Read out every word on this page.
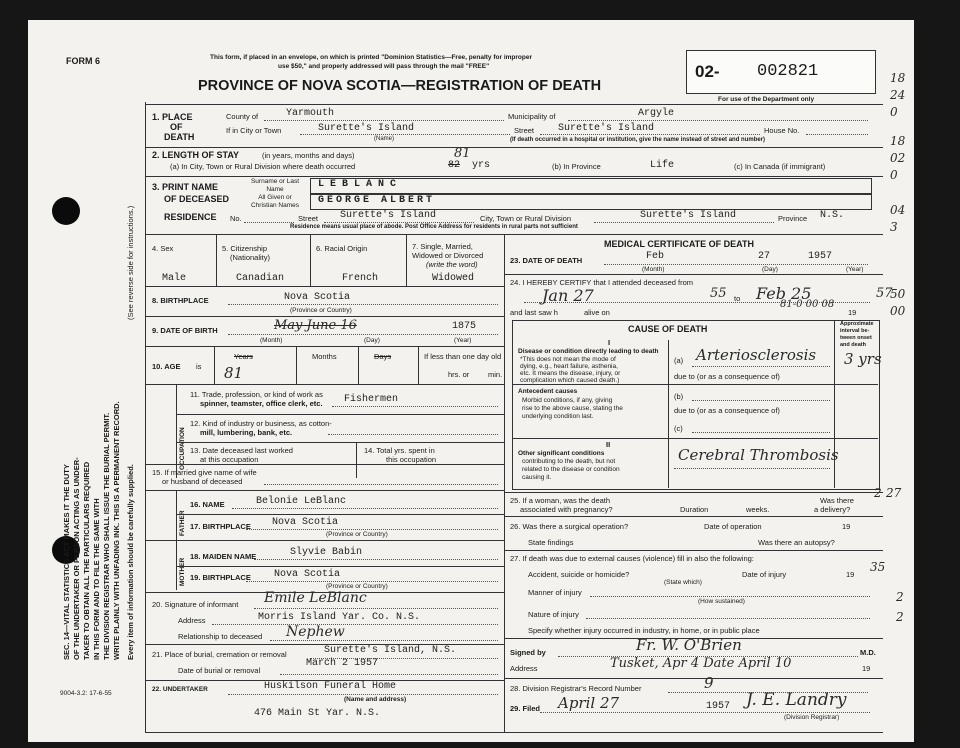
SEC. 14—VITAL STATISTICS ACT MAKES IT THE DUTY OF THE UNDERTAKER OR PERSON ACTING AS UNDER- TAKER TO OBTAIN ALL THE PARTICULARS REQUIRED IN THIS FORM AND TO FILE THE SAME WITH THE DIVISION REGISTRAR WHO SHALL ISSUE THE BURIAL PERMIT. WRITE PLAINLY WITH UNFADING INK. THIS IS A PERMANENT RECORD. Every item of information should be carefully supplied.
(See reverse side for instructions.)
9004-3.2: 17-6-55
FORM 6	This form, if placed in an envelope, on which is printed "Dominion Statistics—Free, penalty for improper
use $50," and properly addressed will pass through the mail "FREE"
PROVINCE OF NOVA SCOTIA—REGISTRATION OF DEATH
02- 002821
For use of the Department only
18
24
0
18
02
0
04
3
50
00
1. PLACE
OF
DEATH
County of	Yarmouth	Municipality of	Argyle
If in City or Town	Surette's Island
(Name)
Street Surette's Island	House No.
(If death occurred in a hospital or institution, give the name instead of street and number)
2. LENGTH OF STAY	(in years, months and days)
(a) In City, Town or Rural Division where death occurred
81
82 yrs	(b) In Province	Life	(c) In Canada (if immigrant)
3. PRINT NAME
OF DECEASED
Surname or Last Name
All Given or Christian Names
LEBLANC
GEORGE ALBERT
RESIDENCE No.	Street Surette's Island	City, Town or Rural Division	Surette's Island	Province N.S.
Residence means usual place of abode. Post Office Address for residents in rural parts not sufficient
4. Sex
Male
5. Citizenship
(Nationality)
Canadian
6. Racial Origin
French
7. Single, Married,
Widowed or Divorced
(write the word)
Widowed
8. BIRTHPLACE	Nova Scotia
(Province or Country)
9. DATE OF BIRTH	May June 16	1875
(Month)	(Day)	(Year)
10. AGE is
Years	Months	Days
81
If less than one day old
hrs. or min.
OCCUPATION
11. Trade, profession, or kind of work as
spinner, teamster, office clerk, etc. Fishermen
12. Kind of industry or business, as cotton-
mill, lumbering, bank, etc.
13. Date deceased last worked
at this occupation
14. Total yrs. spent in
this occupation
15. If married give name of wife
or husband of deceased
FATHER
MOTHER
16. NAME	Belonie LeBlanc
17. BIRTHPLACE Nova Scotia
(Province or Country)
18. MAIDEN NAME	Slyvie Babin
19. BIRTHPLACE Nova Scotia
(Province or Country)
20. Signature of informant Emile LeBlanc
Address	Morris Island Yar. Co. N.S.
Relationship to deceased Nephew
21. Place of burial, cremation or removal	Surette's Island, N.S.
Date of burial or removal
March 2 1957
22. UNDERTAKER	Huskilson Funeral Home
(Name and address)
476 Main St Yar. N.S.
MEDICAL CERTIFICATE OF DEATH
23. DATE OF DEATH	Feb	27	1957
(Month)	(Day)	(Year)
24. I HEREBY CERTIFY that I attended deceased from
Jan 27	55 to Feb 25	57
and last saw h	alive on	19
81-0 00 08
CAUSE OF DEATH	Approximate
interval be-
tween onset
and death
I
Disease or condition directly leading to death
*This does not mean the mode of
dying, e.g., heart failure, asthenia,
etc. It means the disease, injury, or
complication which caused death.)
(a) Arteriosclerosis 3 yrs
due to (or as a consequence of)
Antecedent causes
Morbid conditions, if any, giving
rise to the above cause, stating the
underlying condition last.
(b)
due to (or as a consequence of)
(c)
II
Other significant conditions
contributing to the death, but not
related to the disease or condition
causing it.
Cerebral Thrombosis
25. If a woman, was the death
associated with pregnancy?	Duration	weeks.
Was there
a delivery?
26. Was there a surgical operation?	Date of operation	19
State findings	Was there an autopsy?
27. If death was due to external causes (violence) fill in also the following:
Accident, suicide or homicide?
(State which)
Date of injury	19
Manner of injury
(How sustained)
Nature of injury
Specify whether injury occurred in industry, in home, or in public place
Signed by	Fr. W. O'Brien	M.D.
Address	Tusket, Apr 4 Date April 10	19
28. Division Registrar's Record Number	9
29. Filed April 27	1957 J. E. Landry
(Division Registrar)
2 27
35
2
2
